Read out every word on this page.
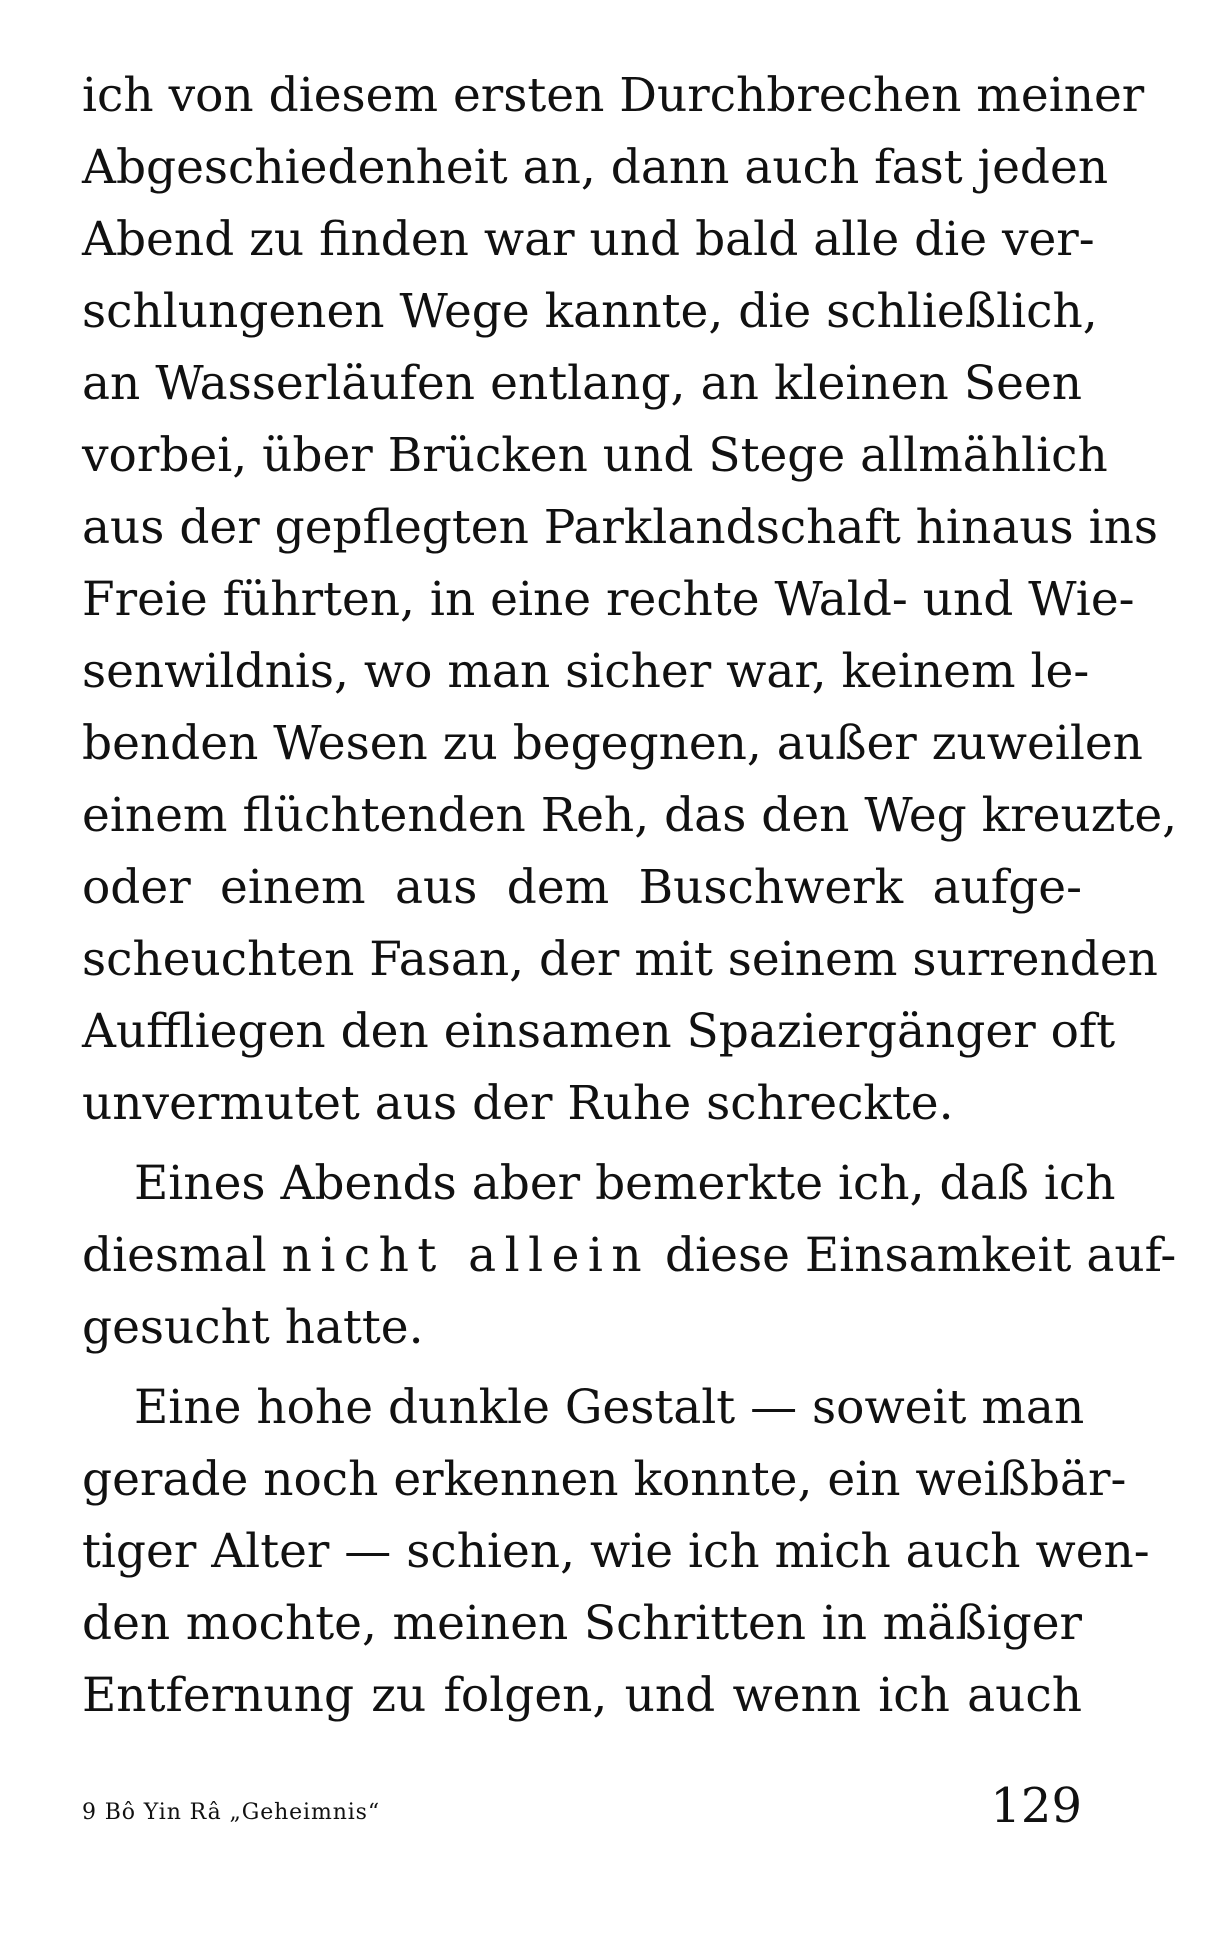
ich von diesem ersten Durchbrechen meiner
Abgeschiedenheit an, dann auch fast jeden
Abend zu finden war und bald alle die ver-
schlungenen Wege kannte, die schließlich,
an Wasserläufen entlang, an kleinen Seen
vorbei, über Brücken und Stege allmählich
aus der gepflegten Parklandschaft hinaus ins
Freie führten, in eine rechte Wald- und Wie-
senwildnis, wo man sicher war, keinem le-
benden Wesen zu begegnen, außer zuweilen
einem flüchtenden Reh, das den Weg kreuzte,
oder einem aus dem Buschwerk aufge-
scheuchten Fasan, der mit seinem surrenden
Auffliegen den einsamen Spaziergänger oft
unvermutet aus der Ruhe schreckte.
Eines Abends aber bemerkte ich, daß ich
diesmal nicht allein diese Einsamkeit auf-
gesucht hatte.
Eine hohe dunkle Gestalt — soweit man
gerade noch erkennen konnte, ein weißbär-
tiger Alter — schien, wie ich mich auch wen-
den mochte, meinen Schritten in mäßiger
Entfernung zu folgen, und wenn ich auch
9 Bô Yin Râ „Geheimnis“	129
